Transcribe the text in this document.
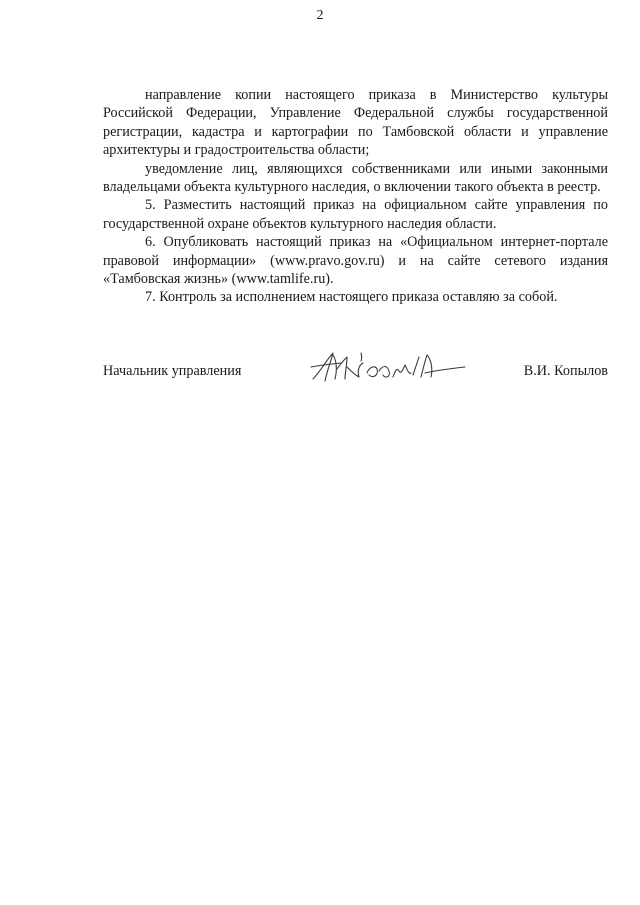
2

направление копии настоящего приказа в Министерство культуры Российской Федерации, Управление Федеральной службы государственной регистрации, кадастра и картографии по Тамбовской области и управление архитектуры и градостроительства области;

уведомление лиц, являющихся собственниками или иными законными владельцами объекта культурного наследия, о включении такого объекта в реестр.

5. Разместить настоящий приказ на официальном сайте управления по государственной охране объектов культурного наследия области.

6. Опубликовать настоящий приказ на «Официальном интернет-портале правовой информации» (www.pravo.gov.ru) и на сайте сетевого издания «Тамбовская жизнь» (www.tamlife.ru).

7. Контроль за исполнением настоящего приказа оставляю за собой.

Начальник управления	В.И. Копылов
